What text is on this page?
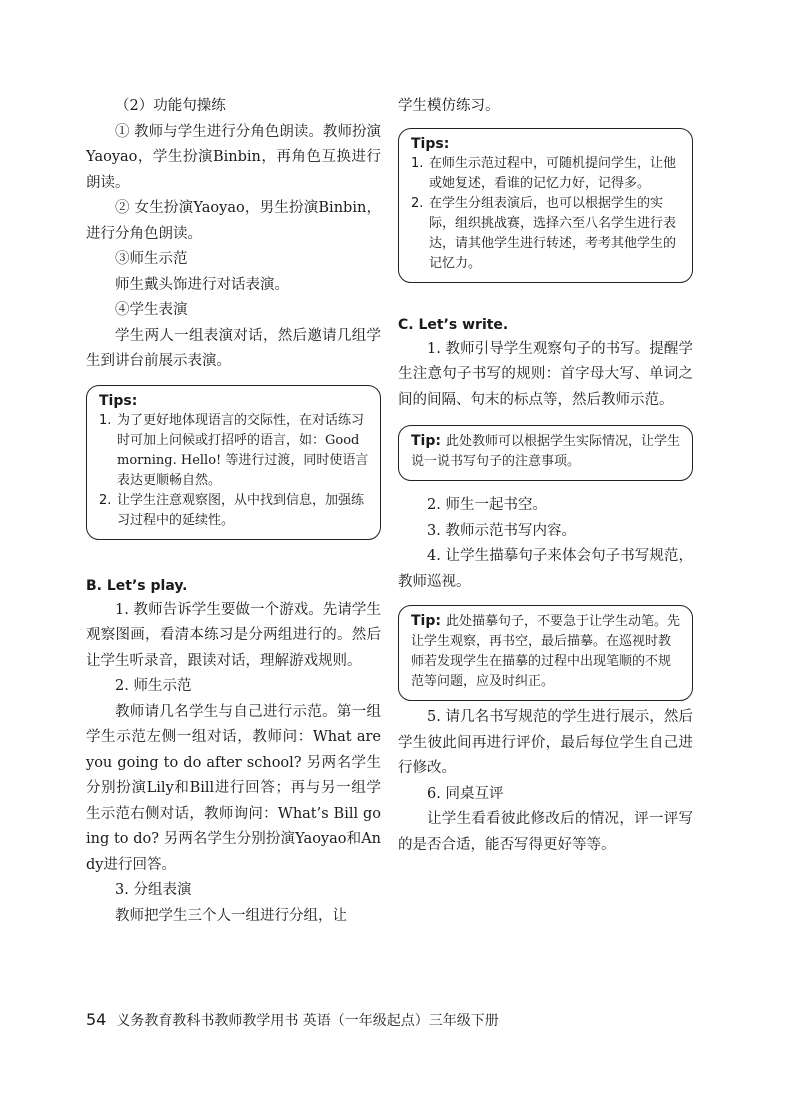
（2）功能句操练

① 教师与学生进行分角色朗读。教师扮演Yaoyao，学生扮演Binbin，再角色互换进行朗读。

② 女生扮演Yaoyao，男生扮演Binbin，进行分角色朗读。

③师生示范

师生戴头饰进行对话表演。

④学生表演

学生两人一组表演对话，然后邀请几组学生到讲台前展示表演。

Tips:
1. 为了更好地体现语言的交际性，在对话练习时可加上问候或打招呼的语言，如：Good morning. Hello! 等进行过渡，同时使语言表达更顺畅自然。
2. 让学生注意观察图，从中找到信息，加强练习过程中的延续性。

B. Let’s play.

1. 教师告诉学生要做一个游戏。先请学生观察图画，看清本练习是分两组进行的。然后让学生听录音，跟读对话，理解游戏规则。

2. 师生示范

教师请几名学生与自己进行示范。第一组学生示范左侧一组对话，教师问：What are you going to do after school? 另两名学生分别扮演Lily和Bill进行回答；再与另一组学生示范右侧对话，教师询问：What’s Bill going to do? 另两名学生分别扮演Yaoyao和Andy进行回答。

3. 分组表演

教师把学生三个人一组进行分组，让

学生模仿练习。

Tips:
1. 在师生示范过程中，可随机提问学生，让他或她复述，看谁的记忆力好，记得多。
2. 在学生分组表演后，也可以根据学生的实际，组织挑战赛，选择六至八名学生进行表达，请其他学生进行转述，考考其他学生的记忆力。

C. Let’s write.

1. 教师引导学生观察句子的书写。提醒学生注意句子书写的规则：首字母大写、单词之间的间隔、句末的标点等，然后教师示范。

Tip: 此处教师可以根据学生实际情况，让学生说一说书写句子的注意事项。

2. 师生一起书空。

3. 教师示范书写内容。

4. 让学生描摹句子来体会句子书写规范，教师巡视。

Tip: 此处描摹句子，不要急于让学生动笔。先让学生观察，再书空，最后描摹。在巡视时教师若发现学生在描摹的过程中出现笔顺的不规范等问题，应及时纠正。

5. 请几名书写规范的学生进行展示，然后学生彼此间再进行评价，最后每位学生自己进行修改。

6. 同桌互评

让学生看看彼此修改后的情况，评一评写的是否合适，能否写得更好等等。

54 义务教育教科书教师教学用书 英语（一年级起点）三年级下册
